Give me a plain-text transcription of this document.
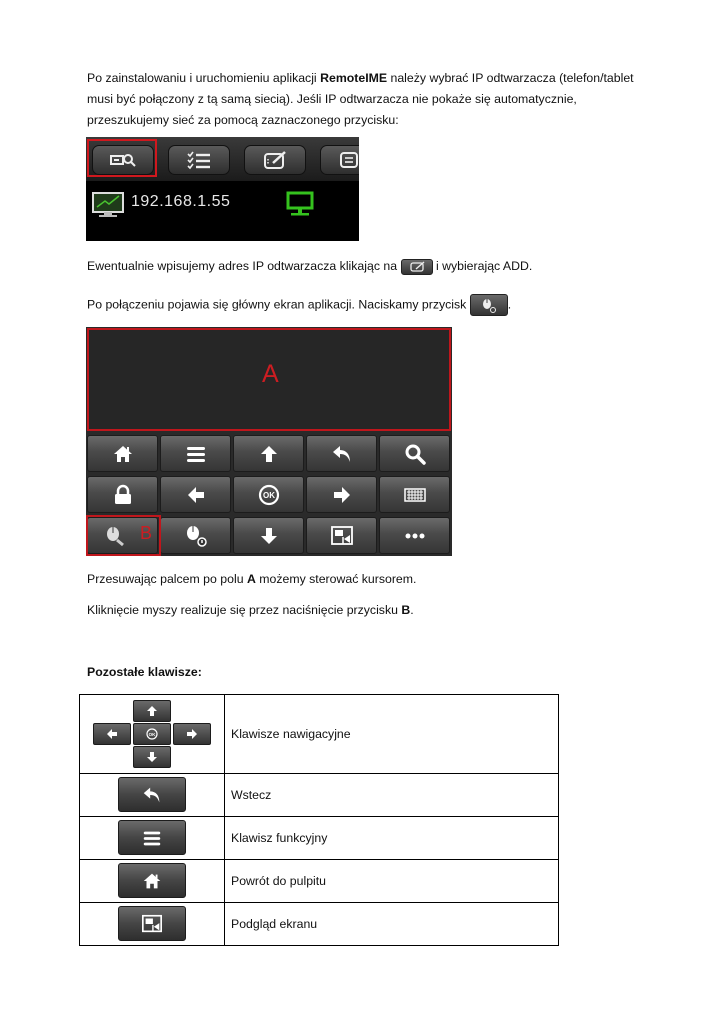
Po zainstalowaniu i uruchomieniu aplikacji RemoteIME należy wybrać IP odtwarzacza (telefon/tablet musi być połączony z tą samą siecią). Jeśli IP odtwarzacza nie pokaże się automatycznie, przeszukujemy sieć za pomocą zaznaczonego przycisku:

192.168.1.55

Ewentualnie wpisujemy adres IP odtwarzacza klikając na	i wybierając ADD.

Po połączeniu pojawia się główny ekran aplikacji. Naciskamy przycisk	.

A
OK
B

Przesuwając palcem po polu A możemy sterować kursorem.

Kliknięcie myszy realizuje się przez naciśnięcie przycisku B.

Pozostałe klawisze:

OK	Klawisze nawigacyjne

	Wstecz

	Klawisz funkcyjny

	Powrót do pulpitu

	Podgląd ekranu
